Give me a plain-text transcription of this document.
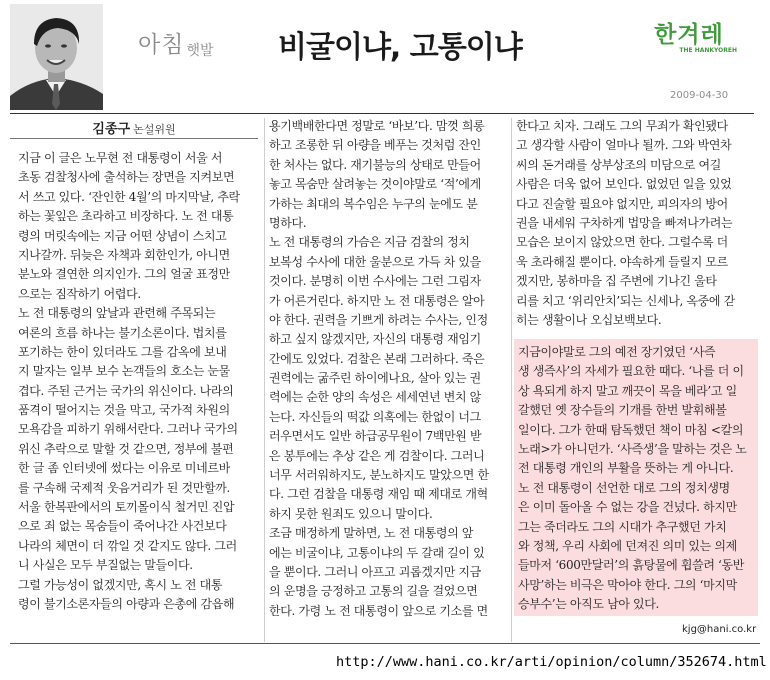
아침 햇발 비굴이냐, 고통이냐	한겨레
THE HANKYOREH
2009-04-30
김종구 논설위원
지금 이 글은 노무현 전 대통령이 서울 서
초동 검찰청사에 출석하는 장면을 지켜보면
서 쓰고 있다. ‘잔인한 4월’의 마지막날, 추락
하는 꽃잎은 초라하고 비장하다. 노 전 대통
령의 머릿속에는 지금 어떤 상념이 스치고
지나갈까. 뒤늦은 자책과 회한인가, 아니면
분노와 결연한 의지인가. 그의 얼굴 표정만
으로는 짐작하기 어렵다.
노 전 대통령의 앞날과 관련해 주목되는
여론의 흐름 하나는 불기소론이다. 법치를
포기하는 한이 있더라도 그를 감옥에 보내
지 말자는 일부 보수 논객들의 호소는 눈물
겹다. 주된 근거는 국가의 위신이다. 나라의
품격이 떨어지는 것을 막고, 국가적 차원의
모욕감을 피하기 위해서란다. 그러나 국가의
위신 추락으로 말할 것 같으면, 정부에 불편
한 글 좀 인터넷에 썼다는 이유로 미네르바
를 구속해 국제적 웃음거리가 된 것만할까.
서울 한복판에서의 토끼몰이식 철거민 진압
으로 죄 없는 목숨들이 죽어나간 사건보다
나라의 체면이 더 깎일 것 같지도 않다. 그러
니 사실은 모두 부질없는 말들이다.
그럴 가능성이 없겠지만, 혹시 노 전 대통
령이 불기소론자들의 아량과 은총에 감읍해
용기백배한다면 정말로 ‘바보’다. 맘껏 희롱
하고 조롱한 뒤 아량을 베푸는 것처럼 잔인
한 처사는 없다. 재기불능의 상태로 만들어
놓고 목숨만 살려놓는 것이야말로 ‘적’에게
가하는 최대의 복수임은 누구의 눈에도 분
명하다.
노 전 대통령의 가슴은 지금 검찰의 정치
보복성 수사에 대한 울분으로 가득 차 있을
것이다. 분명히 이번 수사에는 그런 그림자
가 어른거린다. 하지만 노 전 대통령은 알아
야 한다. 권력을 기쁘게 하려는 수사는, 인정
하고 싶지 않겠지만, 자신의 대통령 재임기
간에도 있었다. 검찰은 본래 그러하다. 죽은
권력에는 굶주린 하이에나요, 살아 있는 권
력에는 순한 양의 속성은 세세연년 변치 않
는다. 자신들의 떡값 의혹에는 한없이 너그
러우면서도 일반 하급공무원이 7백만원 받
은 봉투에는 추상 같은 게 검찰이다. 그러니
너무 서러워하지도, 분노하지도 말았으면 한
다. 그런 검찰을 대통령 재임 때 제대로 개혁
하지 못한 원죄도 있으니 말이다.
조금 매정하게 말하면, 노 전 대통령의 앞
에는 비굴이냐, 고통이냐의 두 갈래 길이 있
을 뿐이다. 그러니 아프고 괴롭겠지만 지금
의 운명을 긍정하고 고통의 길을 걸었으면
한다. 가령 노 전 대통령이 앞으로 기소를 면
한다고 치자. 그래도 그의 무죄가 확인됐다
고 생각할 사람이 얼마나 될까. 그와 박연차
씨의 돈거래를 상부상조의 미담으로 여길
사람은 더욱 없어 보인다. 없었던 일을 있었
다고 진술할 필요야 없지만, 피의자의 방어
권을 내세워 구차하게 법망을 빠져나가려는
모습은 보이지 않았으면 한다. 그럴수록 더
욱 초라해질 뿐이다. 야속하게 들릴지 모르
겠지만, 봉하마을 집 주변에 기나긴 울타
리를 치고 ‘위리안치’되는 신세나, 옥중에 갇
히는 생활이나 오십보백보다.
지금이야말로 그의 예전 장기였던 ‘사즉
생 생즉사’의 자세가 필요한 때다. ‘나를 더 이
상 욕되게 하지 말고 깨끗이 목을 베라’고 일
갈했던 옛 장수들의 기개를 한번 발휘해볼
일이다. 그가 한때 탐독했던 책이 마침 <칼의
노래>가 아니던가. ‘사즉생’을 말하는 것은 노
전 대통령 개인의 부활을 뜻하는 게 아니다.
노 전 대통령이 선언한 대로 그의 정치생명
은 이미 돌아올 수 없는 강을 건넜다. 하지만
그는 죽더라도 그의 시대가 추구했던 가치
와 정책, 우리 사회에 던져진 의미 있는 의제
들마저 ‘600만달러’의 흙탕물에 휩쓸려 ‘동반
사망’하는 비극은 막아야 한다. 그의 ‘마지막
승부수’는 아직도 남아 있다.
kjg@hani.co.kr
http://www.hani.co.kr/arti/opinion/column/352674.html
